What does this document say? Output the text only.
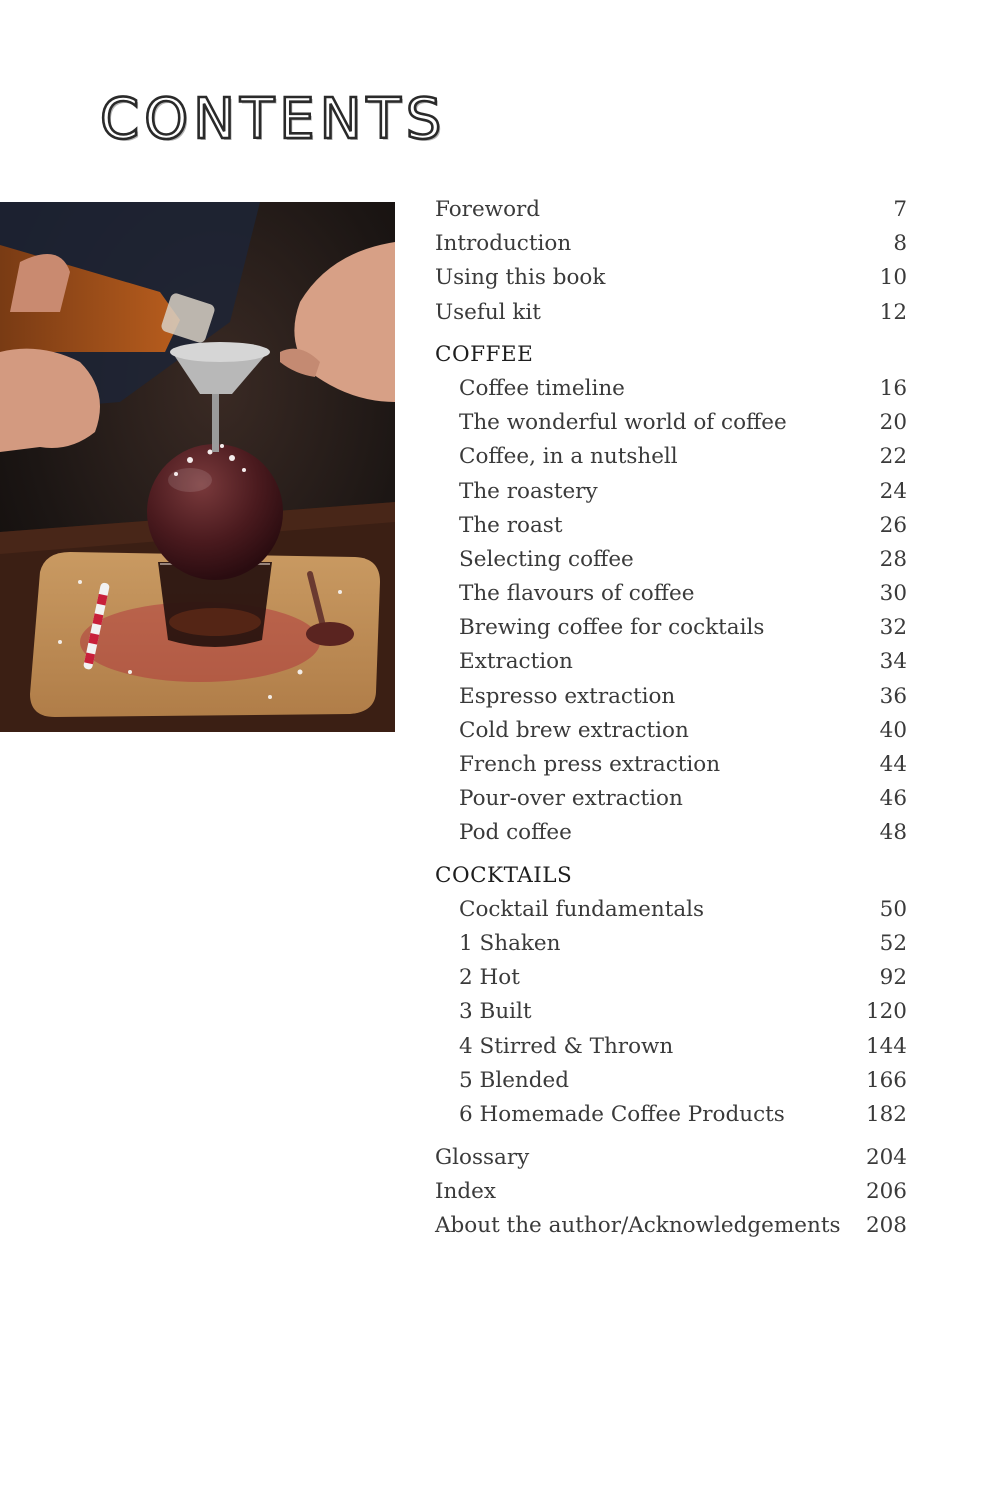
CONTENTS
Foreword	7
Introduction	8
Using this book	10
Useful kit	12
COFFEE
Coffee timeline	16
The wonderful world of coffee	20
Coffee, in a nutshell	22
The roastery	24
The roast	26
Selecting coffee	28
The flavours of coffee	30
Brewing coffee for cocktails	32
Extraction	34
Espresso extraction	36
Cold brew extraction	40
French press extraction	44
Pour-over extraction	46
Pod coffee	48
COCKTAILS
Cocktail fundamentals	50
1 Shaken	52
2 Hot	92
3 Built	120
4 Stirred & Thrown	144
5 Blended	166
6 Homemade Coffee Products	182
Glossary	204
Index	206
About the author/Acknowledgements 208
